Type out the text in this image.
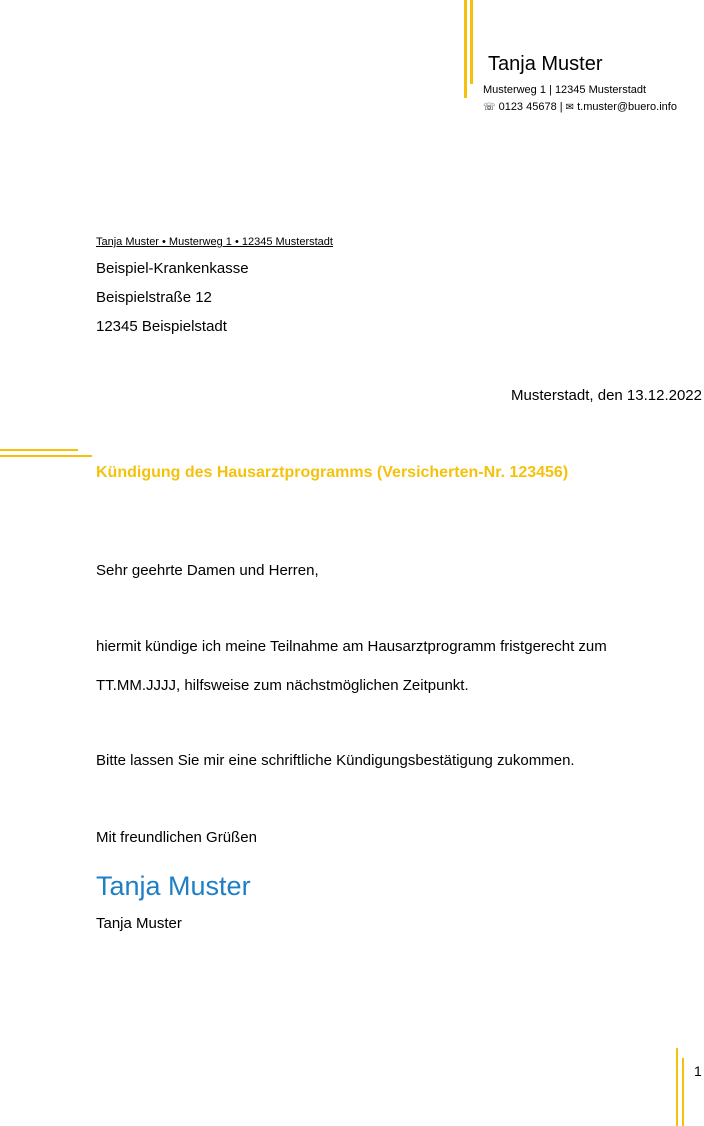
Tanja Muster
Musterweg 1 | 12345 Musterstadt
☏ 0123 45678 | ✉ t.muster@buero.info
Tanja Muster • Musterweg 1 • 12345 Musterstadt
Beispiel-Krankenkasse
Beispielstraße 12
12345 Beispielstadt
Musterstadt, den 13.12.2022
Kündigung des Hausarztprogramms (Versicherten-Nr. 123456)
Sehr geehrte Damen und Herren,
hiermit kündige ich meine Teilnahme am Hausarztprogramm fristgerecht zum
TT.MM.JJJJ, hilfsweise zum nächstmöglichen Zeitpunkt.
Bitte lassen Sie mir eine schriftliche Kündigungsbestätigung zukommen.
Mit freundlichen Grüßen
Tanja Muster
Tanja Muster
1
